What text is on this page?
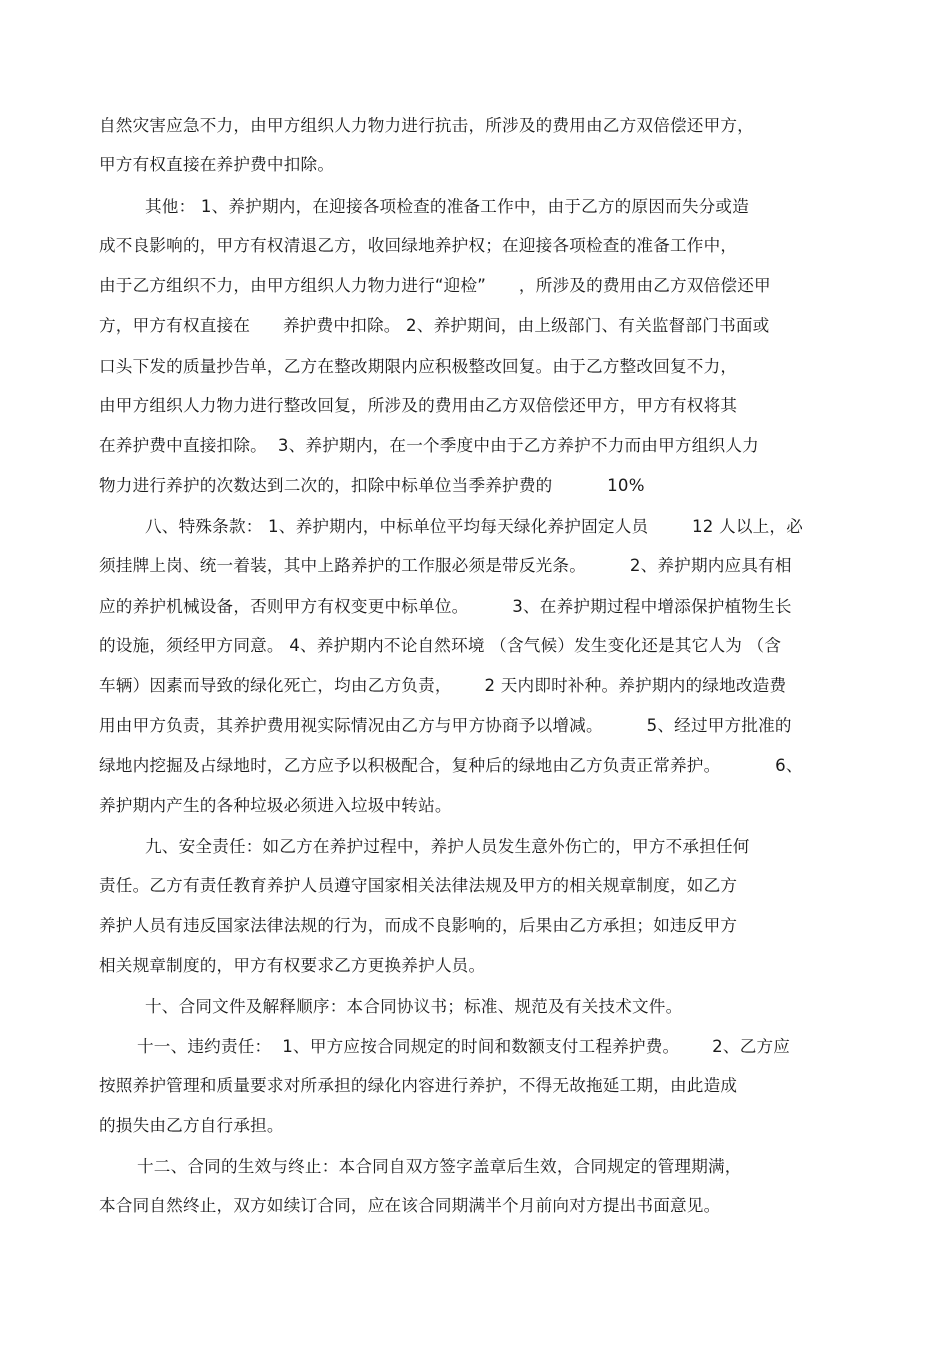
自然灾害应急不力，由甲方组织人力物力进行抗击，所涉及的费用由乙方双倍偿还甲方，
甲方有权直接在养护费中扣除。
其他： 1、养护期内，在迎接各项检查的准备工作中，由于乙方的原因而失分或造
成不良影响的，甲方有权清退乙方，收回绿地养护权；在迎接各项检查的准备工作中，
由于乙方组织不力，由甲方组织人力物力进行“迎检”      ，所涉及的费用由乙方双倍偿还甲
方，甲方有权直接在      养护费中扣除。 2、养护期间，由上级部门、有关监督部门书面或
口头下发的质量抄告单，乙方在整改期限内应积极整改回复。由于乙方整改回复不力，
由甲方组织人力物力进行整改回复，所涉及的费用由乙方双倍偿还甲方，甲方有权将其
在养护费中直接扣除。  3、养护期内，在一个季度中由于乙方养护不力而由甲方组织人力
物力进行养护的次数达到二次的，扣除中标单位当季养护费的          10%
八、特殊条款： 1、养护期内，中标单位平均每天绿化养护固定人员        12 人以上，必
须挂牌上岗、统一着装，其中上路养护的工作服必须是带反光条。        2、养护期内应具有相
应的养护机械设备，否则甲方有权变更中标单位。        3、在养护期过程中增添保护植物生长
的设施，须经甲方同意。 4、养护期内不论自然环境 （含气候）发生变化还是其它人为 （含
车辆）因素而导致的绿化死亡，均由乙方负责，      2 天内即时补种。养护期内的绿地改造费
用由甲方负责，其养护费用视实际情况由乙方与甲方协商予以增减。        5、经过甲方批准的
绿地内挖掘及占绿地时，乙方应予以积极配合，复种后的绿地由乙方负责正常养护。          6、
养护期内产生的各种垃圾必须进入垃圾中转站。
九、安全责任：如乙方在养护过程中，养护人员发生意外伤亡的，甲方不承担任何
责任。乙方有责任教育养护人员遵守国家相关法律法规及甲方的相关规章制度，如乙方
养护人员有违反国家法律法规的行为，而成不良影响的，后果由乙方承担；如违反甲方
相关规章制度的，甲方有权要求乙方更换养护人员。
十、合同文件及解释顺序：本合同协议书；标准、规范及有关技术文件。
十一、违约责任：  1、甲方应按合同规定的时间和数额支付工程养护费。      2、乙方应
按照养护管理和质量要求对所承担的绿化内容进行养护，不得无故拖延工期，由此造成
的损失由乙方自行承担。
十二、合同的生效与终止：本合同自双方签字盖章后生效，合同规定的管理期满，
本合同自然终止，双方如续订合同，应在该合同期满半个月前向对方提出书面意见。
